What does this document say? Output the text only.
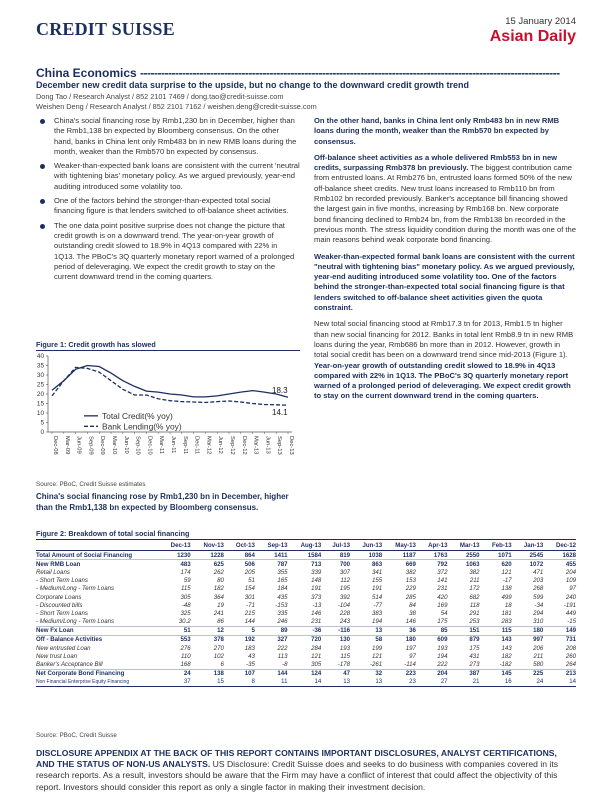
CREDIT SUISSE	15 January 2014
Asian Daily
China Economics ------------------------------------------------------------------------------------------------------------------------
December new credit data surprise to the upside, but no change to the downward credit growth trend
Dong Tao / Research Analyst / 852 2101 7469 / dong.tao@credit-suisse.com
Weishen Deng / Research Analyst / 852 2101 7162 / weishen.deng@credit-suisse.com
China's social financing rose by Rmb1,230 bn in December, higher than the Rmb1,138 bn expected by Bloomberg consensus. On the other hand, banks in China lent only Rmb483 bn in new RMB loans during the month, weaker than the Rmb570 bn expected by consensus.
Weaker-than-expected bank loans are consistent with the current 'neutral with tightening bias' monetary policy. As we argued previously, year-end auditing introduced some volatility too.
One of the factors behind the stronger-than-expected total social financing figure is that lenders switched to off-balance sheet activities.
The one data point positive surprise does not change the picture that credit growth is on a downward trend. The year-on-year growth of outstanding credit slowed to 18.9% in 4Q13 compared with 22% in 1Q13. The PBoC's 3Q quarterly monetary report warned of a prolonged period of deleveraging. We expect the credit growth to stay on the current downward trend in the coming quarters.
Figure 1: Credit growth has slowed
0
5
10
15
20
25
30
35
40
Dec-08 Mar-09 Jun-09 Sep-09 Dec-09 Mar-10 Jun-10 Sep-10 Dec-10 Mar-11 Jun-11 Sep-11 Dec-11 Mar-12 Jun-12 Sep-12 Dec-12 Mar-13 Jun-13 Sep-13 Dec-13
18.3
14.1
Total Credit(% yoy)
Bank Lending(% yoy)
Source: PBoC, Credit Suisse estimates
China's social financing rose by Rmb1,230 bn in December, higher than the Rmb1,138 bn expected by Bloomberg consensus.

On the other hand, banks in China lent only Rmb483 bn in new RMB loans during the month, weaker than the Rmb570 bn expected by consensus.

Off-balance sheet activities as a whole delivered Rmb553 bn in new credits, surpassing Rmb378 bn previously. The biggest contribution came from entrusted loans. At Rmb276 bn, entrusted loans formed 50% of the new off-balance sheet credits. New trust loans increased to Rmb110 bn from Rmb102 bn recorded previously. Banker's acceptance bill financing showed the largest gain in five months, increasing by Rmb168 bn. New corporate bond financing declined to Rmb24 bn, from the Rmb138 bn recorded in the previous month. The stress liquidity condition during the month was one of the main reasons behind weak corporate bond financing.

Weaker-than-expected formal bank loans are consistent with the current "neutral with tightening bias" monetary policy. As we argued previously, year-end auditing introduced some volatility too. One of the factors behind the stronger-than-expected total social financing figure is that lenders switched to off-balance sheet activities given the quota constraint.

New total social financing stood at Rmb17.3 tn for 2013, Rmb1.5 tn higher than new social financing for 2012. Banks in total lent Rmb8.9 tn in new RMB loans during the year, Rmb686 bn more than in 2012. However, growth in total social credit has been on a downward trend since mid-2013 (Figure 1). Year-on-year growth of outstanding credit slowed to 18.9% in 4Q13 compared with 22% in 1Q13. The PBoC's 3Q quarterly monetary report warned of a prolonged period of deleveraging. We expect credit growth to stay on the current downward trend in the coming quarters.

Figure 2: Breakdown of total social financing
	Dec-13	Nov-13	Oct-13	Sep-13	Aug-13	Jul-13	Jun-13	May-13	Apr-13	Mar-13	Feb-13	Jan-13	Dec-12
Total Amount of Social Financing	1230	1228	864	1411	1584	819	1038	1187	1763	2550	1071	2545	1628
New RMB Loan	483	625	506	787	713	700	863	669	792	1063	620	1072	455
Retail Loans	174	262	205	355	339	307	341	382	372	382	121	471	204
- Short Term Loans	59	80	51	165	148	112	155	153	141	211	-17	203	109
- Medium/Long - Term Loans	115	182	154	184	191	195	191	229	231	172	138	268	97
Corporate Loans	305	364	301	435	373	392	514	285	420	682	499	599	240
- Discounted bills	-48	19	-71	-153	-13	-104	-77	84	169	118	18	-34	-191
- Short Term Loans	325	241	215	335	146	228	383	38	54	291	181	294	449
- Medium/Long - Term Loans	30.2	86	144	246	231	243	194	146	175	253	283	310	-15
New Fx Loan	51	12	5	89	-36	-116	13	36	85	151	115	180	149
Off - Balance Activities	553	378	192	327	720	130	58	180	609	879	143	997	731
New entrusted Loan	276	270	183	222	284	193	199	197	193	175	143	206	208
New trust Loan	110	102	43	113	121	115	121	97	194	431	182	211	260
Banker's Acceptance Bill	168	6	-35	-8	305	-178	-261	-114	222	273	-182	580	264
Net Corporate Bond Financing	24	138	107	144	124	47	32	223	204	387	145	225	213
Non Financial Enterprise Equity Financing	37	15	8	11	14	13	13	23	27	21	16	24	14
Source: PBoC, Credit Suisse
DISCLOSURE APPENDIX AT THE BACK OF THIS REPORT CONTAINS IMPORTANT DISCLOSURES, ANALYST CERTIFICATIONS, AND THE STATUS OF NON-US ANALYSTS. US Disclosure: Credit Suisse does and seeks to do business with companies covered in its research reports. As a result, investors should be aware that the Firm may have a conflict of interest that could affect the objectivity of this report. Investors should consider this report as only a single factor in making their investment decision.
